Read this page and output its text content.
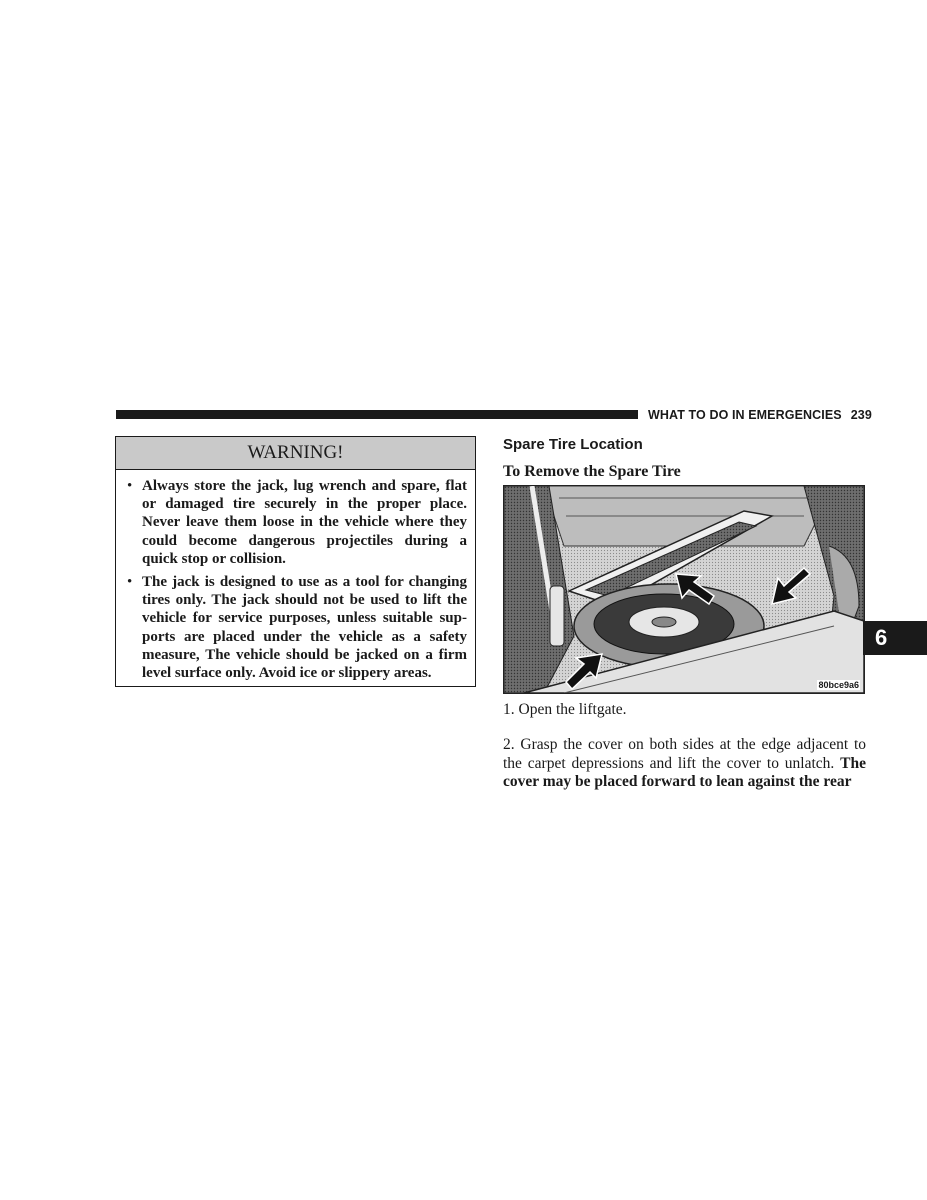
WHAT TO DO IN EMERGENCIES 239
WARNING!
• Always store the jack, lug wrench and spare, flat or damaged tire securely in the proper place. Never leave them loose in the vehicle where they could become dangerous projectiles during a quick stop or collision.
• The jack is designed to use as a tool for changing tires only. The jack should not be used to lift the vehicle for service purposes, unless suitable sup- ports are placed under the vehicle as a safety measure, The vehicle should be jacked on a firm level surface only. Avoid ice or slippery areas.
Spare Tire Location
To Remove the Spare Tire
80bce9a6
1. Open the liftgate.
2. Grasp the cover on both sides at the edge adjacent to the carpet depressions and lift the cover to unlatch. The cover may be placed forward to lean against the rear
6
